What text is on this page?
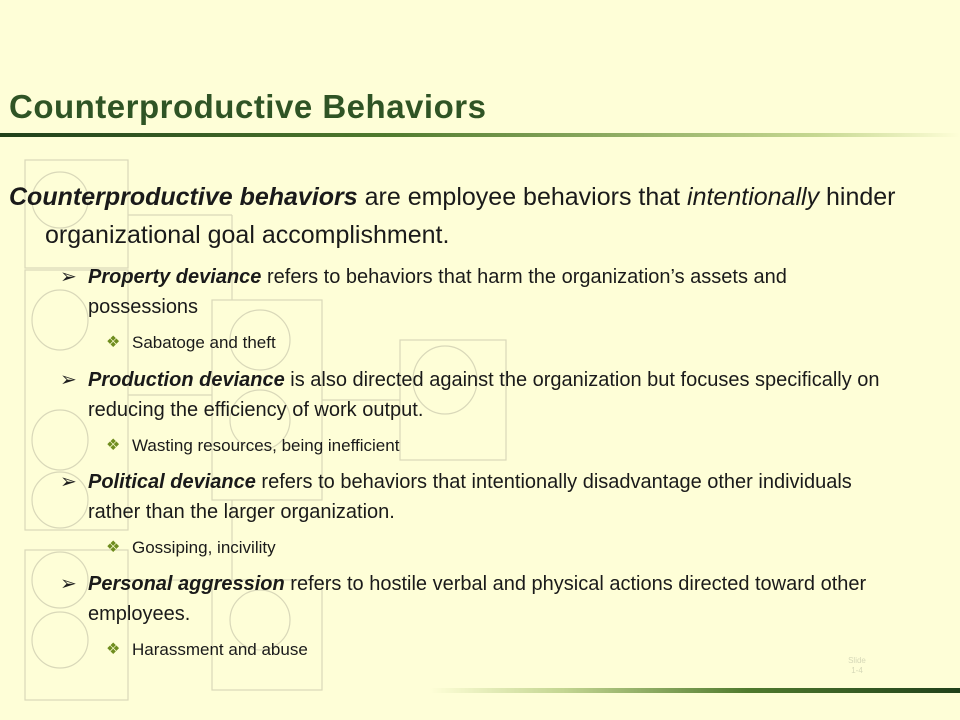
Counterproductive Behaviors
Counterproductive behaviors are employee behaviors that intentionally hinder organizational goal accomplishment.
➢ Property deviance refers to behaviors that harm the organization’s assets and possessions
❖ Sabatoge and theft
➢ Production deviance is also directed against the organization but focuses specifically on reducing the efficiency of work output.
❖ Wasting resources, being inefficient
➢ Political deviance refers to behaviors that intentionally disadvantage other individuals rather than the larger organization.
❖ Gossiping, incivility
➢ Personal aggression refers to hostile verbal and physical actions directed toward other employees.
❖ Harassment and abuse
Slide
1-4
